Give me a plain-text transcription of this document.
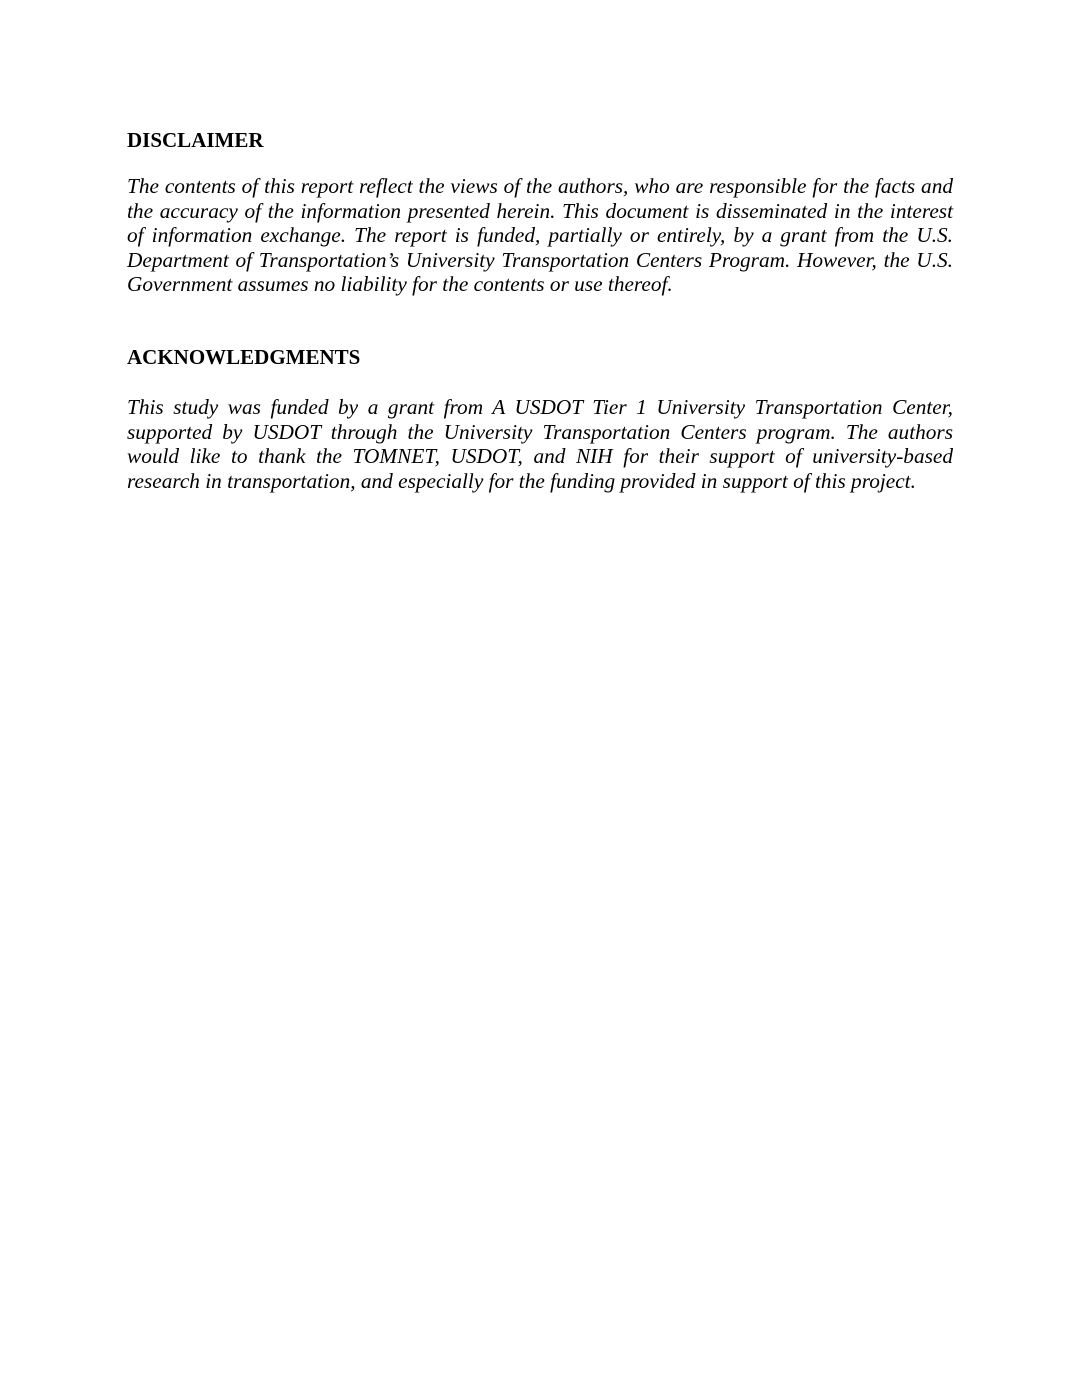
DISCLAIMER

The contents of this report reflect the views of the authors, who are responsible for the facts and the accuracy of the information presented herein. This document is disseminated in the interest of information exchange. The report is funded, partially or entirely, by a grant from the U.S. Department of Transportation’s University Transportation Centers Program. However, the U.S. Government assumes no liability for the contents or use thereof.

ACKNOWLEDGMENTS

This study was funded by a grant from A USDOT Tier 1 University Transportation Center, supported by USDOT through the University Transportation Centers program. The authors would like to thank the TOMNET, USDOT, and NIH for their support of university-based research in transportation, and especially for the funding provided in support of this project.
